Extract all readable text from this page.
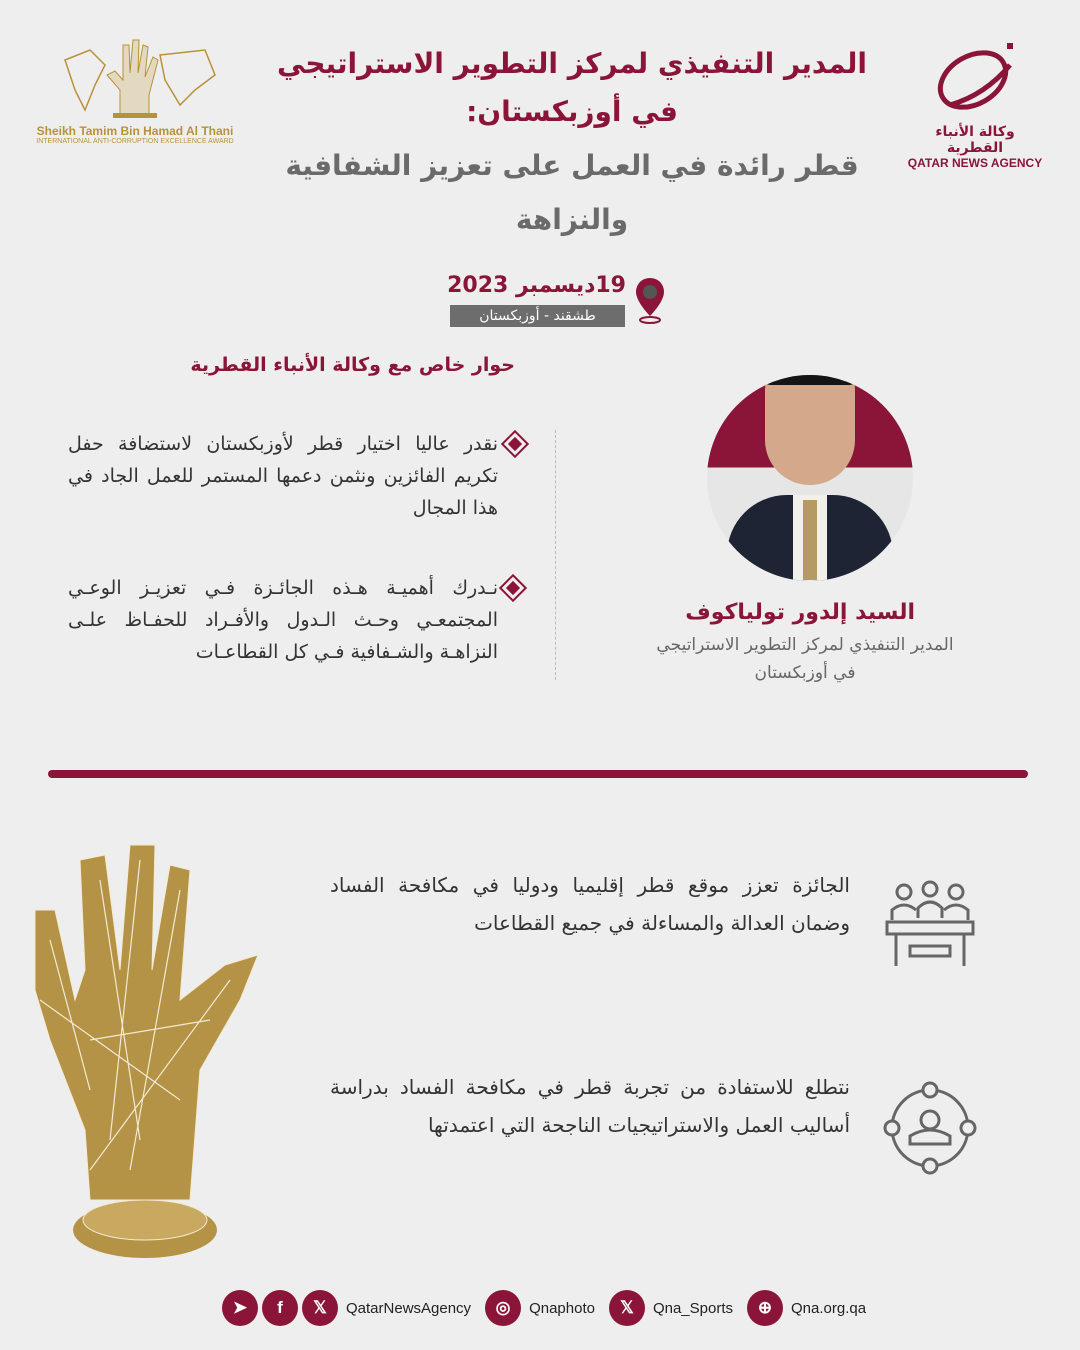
Sheikh Tamim Bin Hamad Al Thani
INTERNATIONAL ANTI-CORRUPTION EXCELLENCE AWARD
وكالة الأنباء القطرية
QATAR NEWS AGENCY
المدير التنفيذي لمركز التطوير الاستراتيجي
في أوزبكستان:
قطر رائدة في العمل على تعزيز الشفافية
والنزاهة
19ديسمبر 2023
طشقند - أوزبكستان
حوار خاص مع وكالة الأنباء القطرية
نقدر عاليا اختيار قطر لأوزبكستان لاستضافة حفل تكريم الفائزين ونثمن دعمها المستمر للعمل الجاد في هذا المجال
نـدرك أهميـة هـذه الجائـزة فـي تعزيـز الوعـي المجتمعـي وحـث الـدول والأفـراد للحفـاظ علـى النزاهـة والشـفافية فـي كل القطاعـات
السيد إلدور تولياكوف
المدير التنفيذي لمركز التطوير الاستراتيجي
في أوزبكستان
الجائزة تعزز موقع قطر إقليميا ودوليا في مكافحة الفساد وضمان العدالة والمساءلة في جميع القطاعات
نتطلع للاستفادة من تجربة قطر في مكافحة الفساد بدراسة أساليب العمل والاستراتيجيات الناجحة التي اعتمدتها
➤	f	𝕏	QatarNewsAgency	◎	Qnaphoto	𝕏	Qna_Sports	⊕	Qna.org.qa
